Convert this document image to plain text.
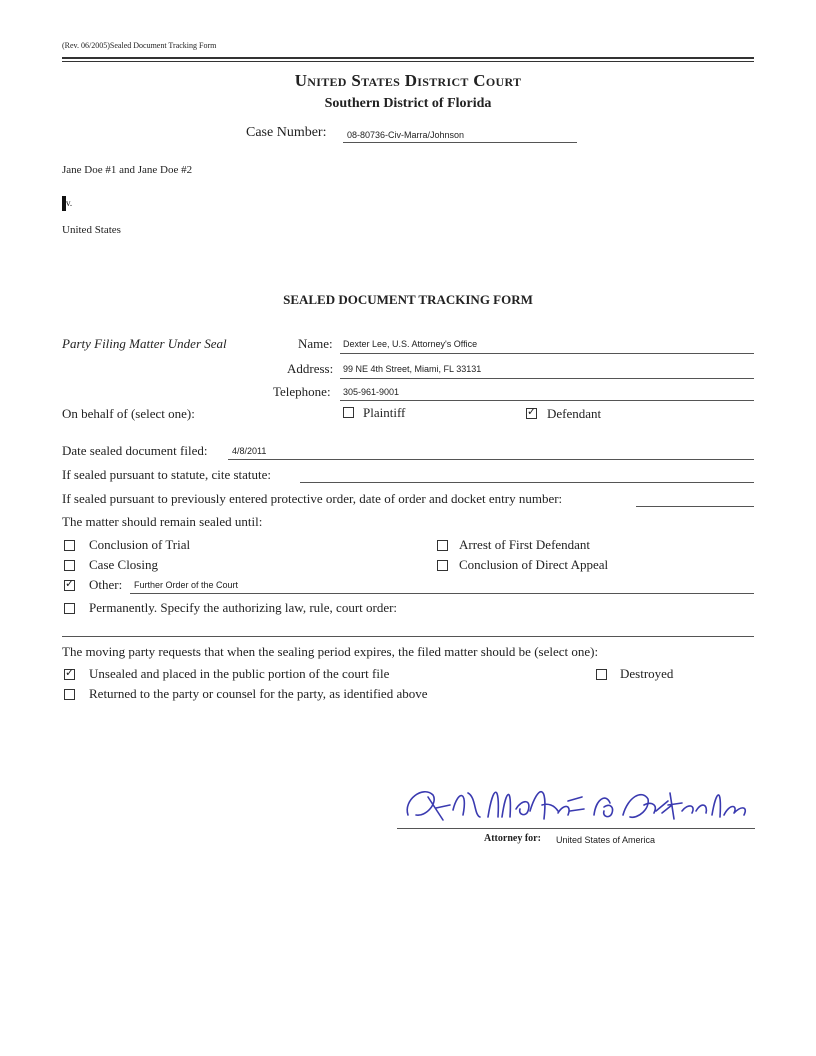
(Rev. 06/2005)Sealed Document Tracking Form
United States District Court
Southern District of Florida
Case Number: 08-80736-Civ-Marra/Johnson
Jane Doe #1 and Jane Doe #2
v.
United States
SEALED DOCUMENT TRACKING FORM
Party Filing Matter Under Seal	Name: Dexter Lee, U.S. Attorney's Office
Address: 99 NE 4th Street, Miami, FL 33131
Telephone: 305-961-9001
On behalf of (select one):	Plaintiff
✓	Defendant
Date sealed document filed:	4/8/2011
If sealed pursuant to statute, cite statute:
If sealed pursuant to previously entered protective order, date of order and docket entry number:
The matter should remain sealed until:
Conclusion of Trial	Arrest of First Defendant
Case Closing	Conclusion of Direct Appeal
✓
Other: Further Order of the Court
Permanently. Specify the authorizing law, rule, court order:
The moving party requests that when the sealing period expires, the filed matter should be (select one):
✓
Unsealed and placed in the public portion of the court file	Destroyed
Returned to the party or counsel for the party, as identified above
Attorney for: United States of America
